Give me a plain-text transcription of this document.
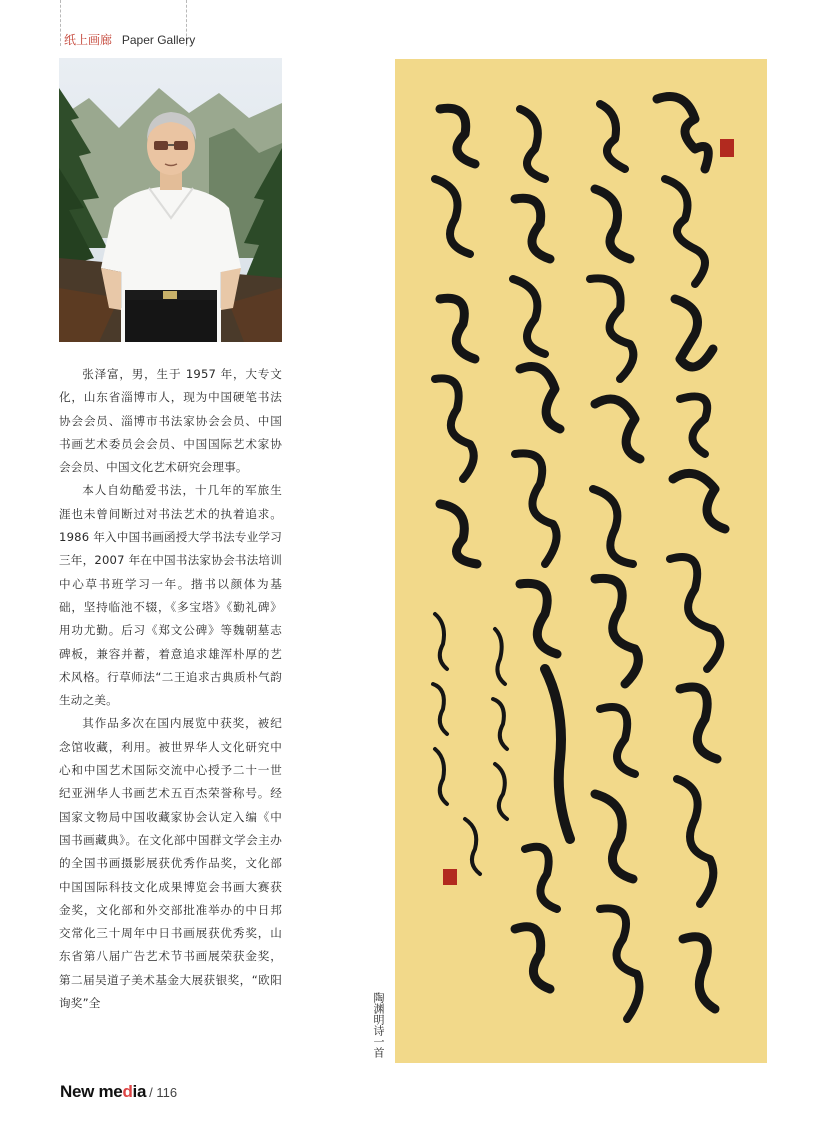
纸上画廊 Paper Gallery

张泽富，男，生于 1957 年，大专文化，山东省淄博市人，现为中国硬笔书法协会会员、淄博市书法家协会会员、中国书画艺术委员会会员、中国国际艺术家协会会员、中国文化艺术研究会理事。

本人自幼酷爱书法，十几年的军旅生涯也未曾间断过对书法艺术的执着追求。1986 年入中国书画函授大学书法专业学习三年，2007 年在中国书法家协会书法培训中心草书班学习一年。揩书以颜体为基础，坚持临池不辍，《多宝塔》《勤礼碑》用功尤勤。后习《郑文公碑》等魏朝墓志碑板，兼容并蓄，着意追求雄浑朴厚的艺术风格。行草师法“二王追求古典质朴气韵生动之美。

其作品多次在国内展览中获奖，被纪念馆收藏，利用。被世界华人文化研究中心和中国艺术国际交流中心授予二十一世纪亚洲华人书画艺术五百杰荣誉称号。经国家文物局中国收藏家协会认定入编《中国书画藏典》。在文化部中国群文学会主办的全国书画摄影展获优秀作品奖，文化部中国国际科技文化成果博览会书画大赛获金奖，文化部和外交部批准举办的中日邦交常化三十周年中日书画展获优秀奖，山东省第八届广告艺术节书画展荣获金奖，第二届吴道子美术基金大展获银奖，“欧阳询奖”全	陶渊明诗一首
New media / 116
